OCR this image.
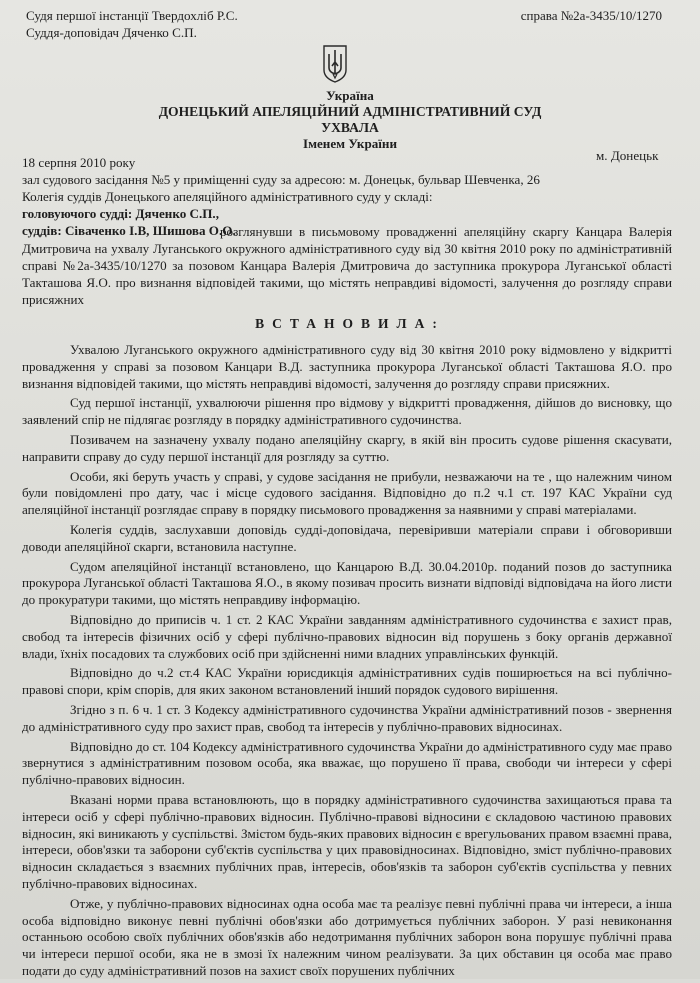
справа №2а-3435/10/1270
Судя першої інстанції Твердохліб Р.С.
Суддя-доповідач Дяченко С.П.
Україна
ДОНЕЦЬКИЙ АПЕЛЯЦІЙНИЙ АДМІНІСТРАТИВНИЙ СУД
УХВАЛА
Іменем України
18 серпня 2010 року	м. Донецьк
зал судового засідання №5 у приміщенні суду за адресою: м. Донецьк, бульвар Шевченка, 26
Колегія суддів Донецького апеляційного адміністративного суду у складі:
головуючого судді: Дяченко С.П.,
суддів: Сіваченко І.В, Шишова О.О.
розглянувши в письмовому провадженні апеляційну скаргу Канцара Валерія Дмитровича на ухвалу Луганського окружного адміністративного суду від 30 квітня 2010 року по адміністративній справі №2а-3435/10/1270 за позовом Канцара Валерія Дмитровича до заступника прокурора Луганської області Такташова Я.О. про визнання відповідей такими, що містять неправдиві відомості, залучення до розгляду справи присяжних
ВСТАНОВИЛА:

Ухвалою Луганського окружного адміністративного суду від 30 квітня 2010 року відмовлено у відкритті провадження у справі за позовом Канцари В.Д. заступника прокурора Луганської області Такташова Я.О. про визнання відповідей такими, що містять неправдиві відомості, залучення до розгляду справи присяжних.

Суд першої інстанції, ухвалюючи рішення про відмову у відкритті провадження, дійшов до висновку, що заявлений спір не підлягає розгляду в порядку адміністративного судочинства.

Позивачем на зазначену ухвалу подано апеляційну скаргу, в якій він просить судове рішення скасувати, направити справу до суду першої інстанції для розгляду за суттю.

Особи, які беруть участь у справі, у судове засідання не прибули, незважаючи на те , що належним чином були повідомлені про дату, час і місце судового засідання. Відповідно до п.2 ч.1 ст. 197 КАС України суд апеляційної інстанції розглядає справу в порядку письмового провадження за наявними у справі матеріалами.

Колегія суддів, заслухавши доповідь судді-доповідача, перевіривши матеріали справи і обговоривши доводи апеляційної скарги, встановила наступне.

Судом апеляційної інстанції встановлено, що Канцарою В.Д. 30.04.2010р. поданий позов до заступника прокурора Луганської області Такташова Я.О., в якому позивач просить визнати відповіді відповідача на його листи до прокуратури такими, що містять неправдиву інформацію.

Відповідно до приписів ч. 1 ст. 2 КАС України завданням адміністративного судочинства є захист прав, свобод та інтересів фізичних осіб у сфері публічно-правових відносин від порушень з боку органів державної влади, їхніх посадових та службових осіб при здійсненні ними владних управлінських функцій.

Відповідно до ч.2 ст.4 КАС України юрисдикція адміністративних судів поширюється на всі публічно-правові спори, крім спорів, для яких законом встановлений інший порядок судового вирішення.

Згідно з п. 6 ч. 1 ст. 3 Кодексу адміністративного судочинства України адміністративний позов - звернення до адміністративного суду про захист прав, свобод та інтересів у публічно-правових відносинах.

Відповідно до ст. 104 Кодексу адміністративного судочинства України до адміністративного суду має право звернутися з адміністративним позовом особа, яка вважає, що порушено її права, свободи чи інтереси у сфері публічно-правових відносин.

Вказані норми права встановлюють, що в порядку адміністративного судочинства захищаються права та інтереси осіб у сфері публічно-правових відносин. Публічно-правові відносини є складовою частиною правових відносин, які виникають у суспільстві. Змістом будь-яких правових відносин є врегульованих правом взаємні права, інтереси, обов'язки та заборони суб'єктів суспільства у цих правовідносинах. Відповідно, зміст публічно-правових відносин складається з взаємних публічних прав, інтересів, обов'язків та заборон суб'єктів суспільства у певних публічно-правових відносинах.

Отже, у публічно-правових відносинах одна особа має та реалізує певні публічні права чи інтереси, а інша особа відповідно виконує певні публічні обов'язки або дотримується публічних заборон. У разі невиконання останньою особою своїх публічних обов'язків або недотримання публічних заборон вона порушує публічні права чи інтереси першої особи, яка не в змозі їх належним чином реалізувати. За цих обставин ця особа має право подати до суду адміністративний позов на захист своїх порушених публічних
